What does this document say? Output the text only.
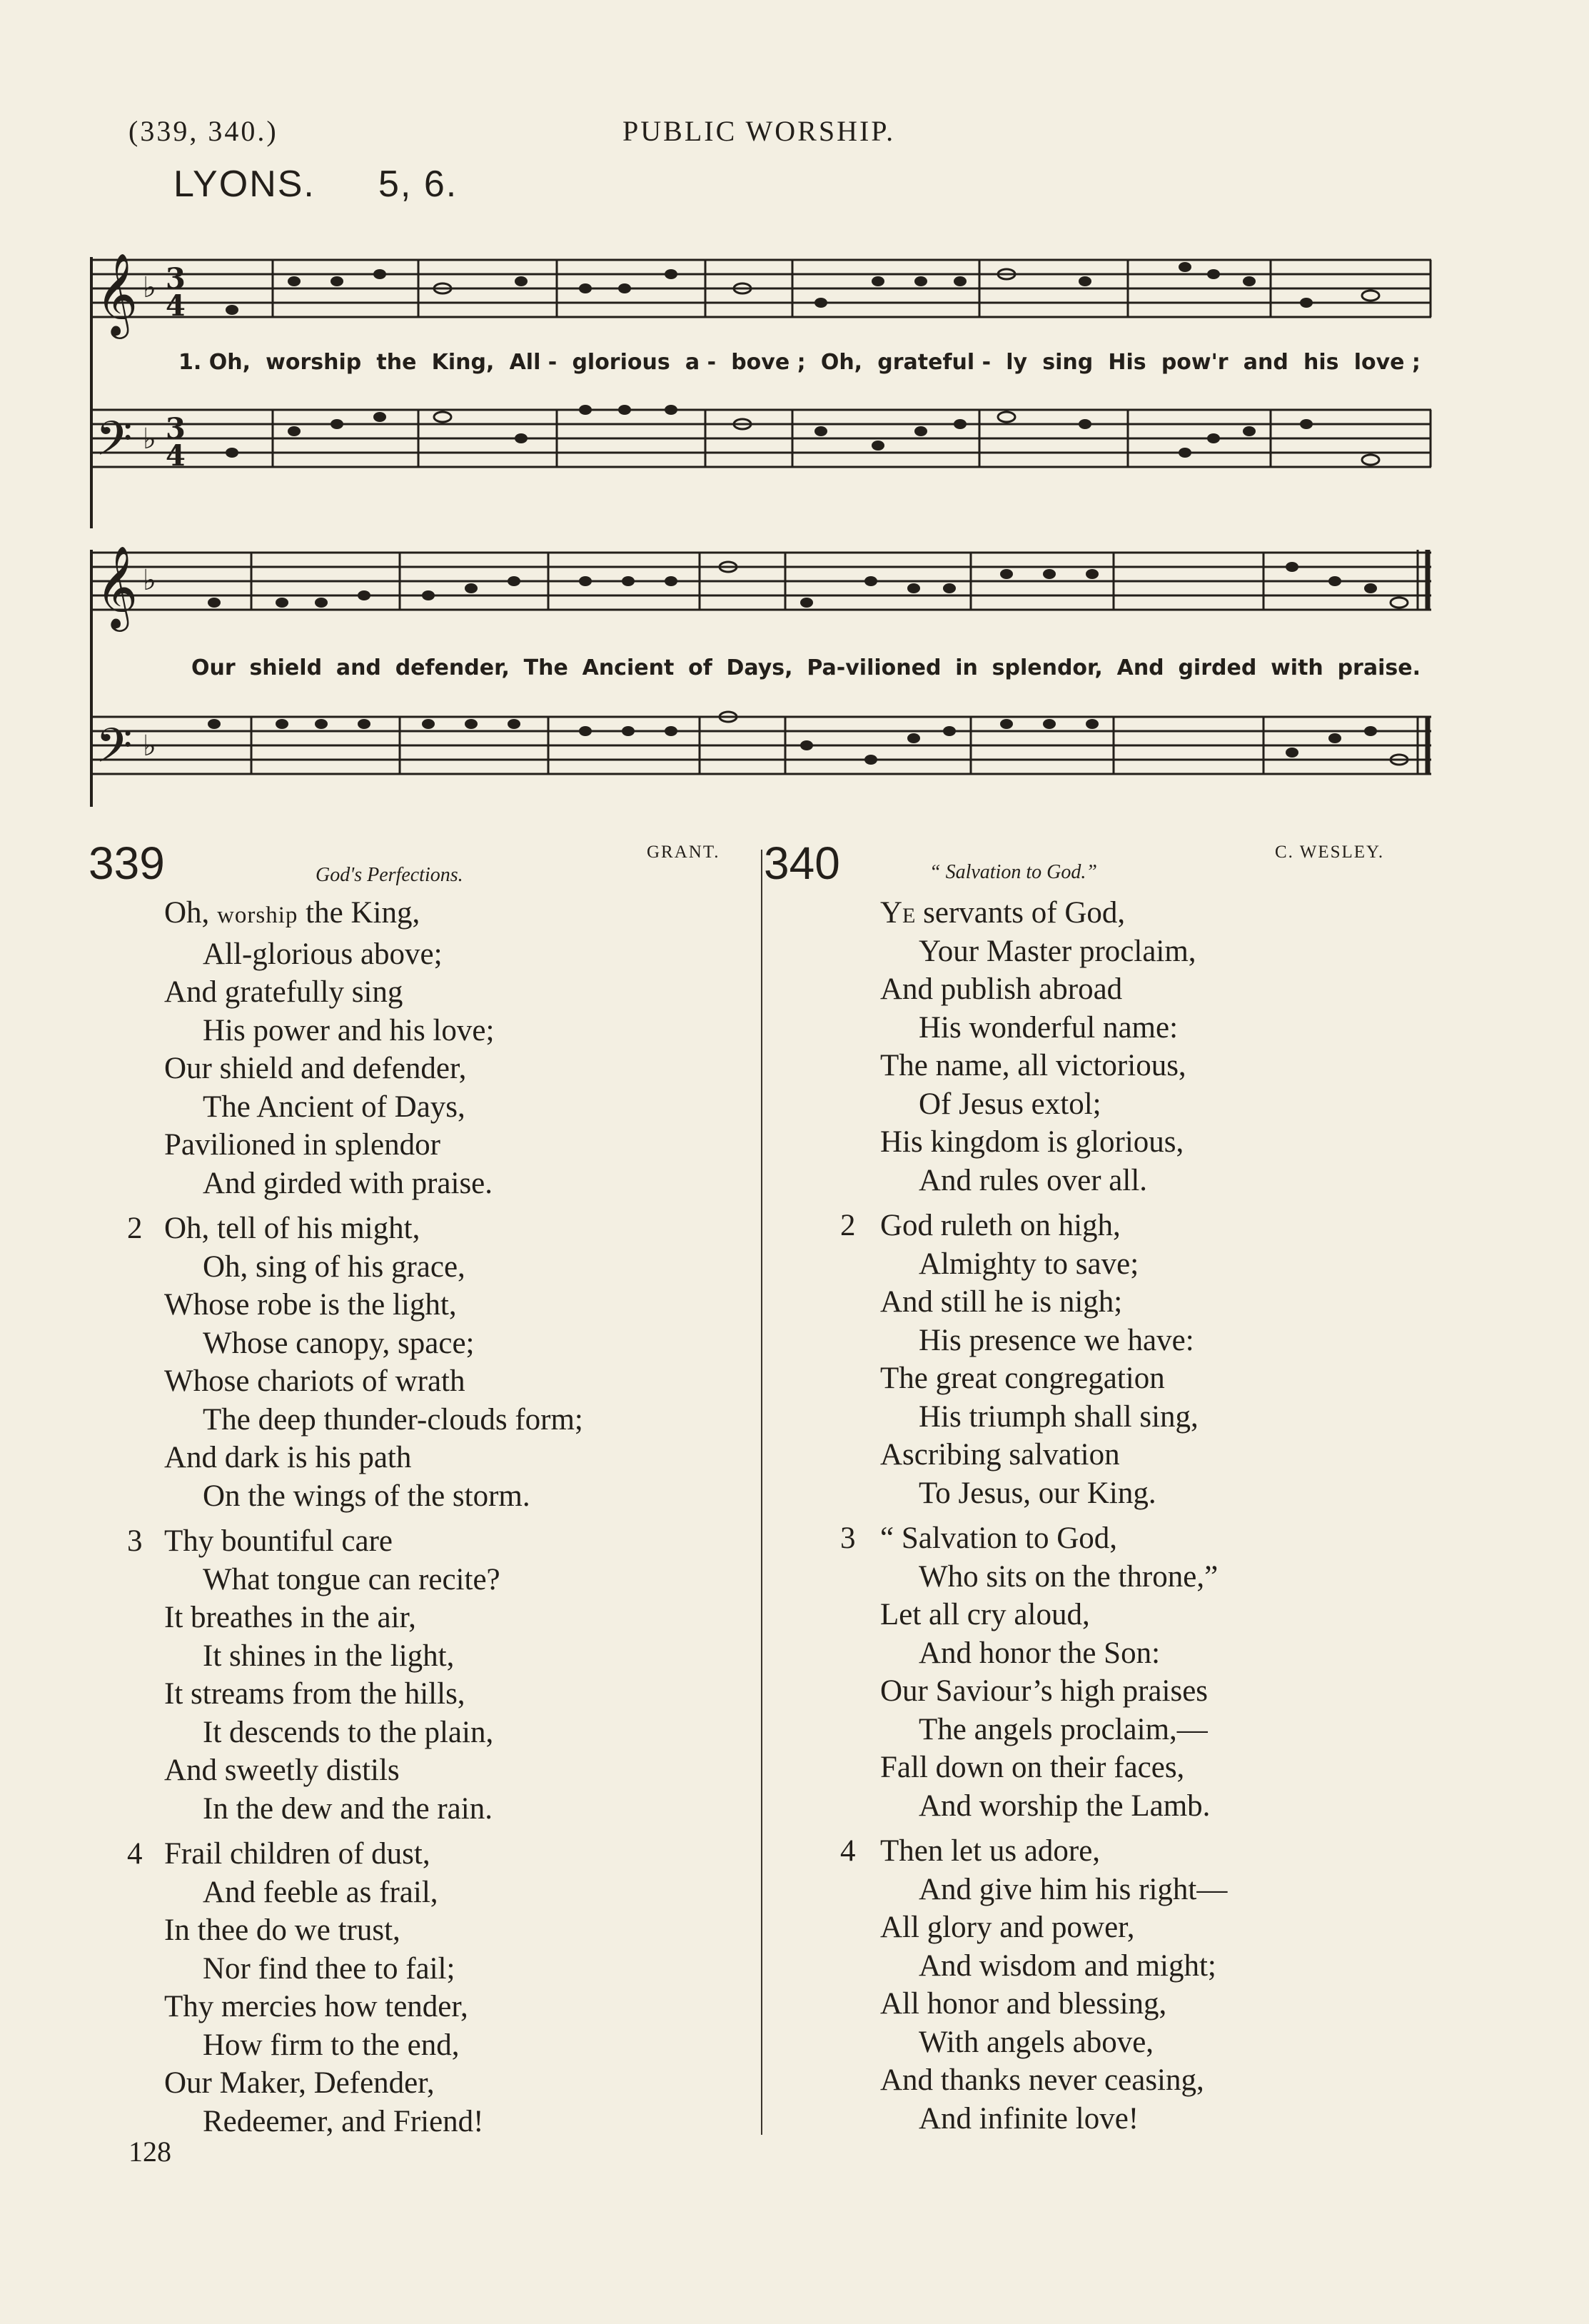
(339, 340.)	PUBLIC WORSHIP.
LYONS. 5, 6.
𝄞
𝄢
♭
♭
3
4
3
4
1. Oh, worship the King, All - glorious a - bove ; Oh, grateful - ly sing His pow'r and his love ;
𝄞
𝄢
♭
♭
Our shield and defender, The Ancient of Days, Pa-vilioned in splendor, And girded with praise.
339	God's Perfections.
GRANT.
Oh, worship the King,
All-glorious above;
And gratefully sing
His power and his love;
Our shield and defender,
The Ancient of Days,
Pavilioned in splendor
And girded with praise.
2 Oh, tell of his might,
Oh, sing of his grace,
Whose robe is the light,
Whose canopy, space;
Whose chariots of wrath
The deep thunder-clouds form;
And dark is his path
On the wings of the storm.
3 Thy bountiful care
What tongue can recite?
It breathes in the air,
It shines in the light,
It streams from the hills,
It descends to the plain,
And sweetly distils
In the dew and the rain.
4 Frail children of dust,
And feeble as frail,
In thee do we trust,
Nor find thee to fail;
Thy mercies how tender,
How firm to the end,
Our Maker, Defender,
Redeemer, and Friend!
340	“ Salvation to God.”
C. WESLEY.
Ye servants of God,
Your Master proclaim,
And publish abroad
His wonderful name:
The name, all victorious,
Of Jesus extol;
His kingdom is glorious,
And rules over all.
2 God ruleth on high,
Almighty to save;
And still he is nigh;
His presence we have:
The great congregation
His triumph shall sing,
Ascribing salvation
To Jesus, our King.
3 “ Salvation to God,
Who sits on the throne,”
Let all cry aloud,
And honor the Son:
Our Saviour’s high praises
The angels proclaim,—
Fall down on their faces,
And worship the Lamb.
4 Then let us adore,
And give him his right—
All glory and power,
And wisdom and might;
All honor and blessing,
With angels above,
And thanks never ceasing,
And infinite love!
128
